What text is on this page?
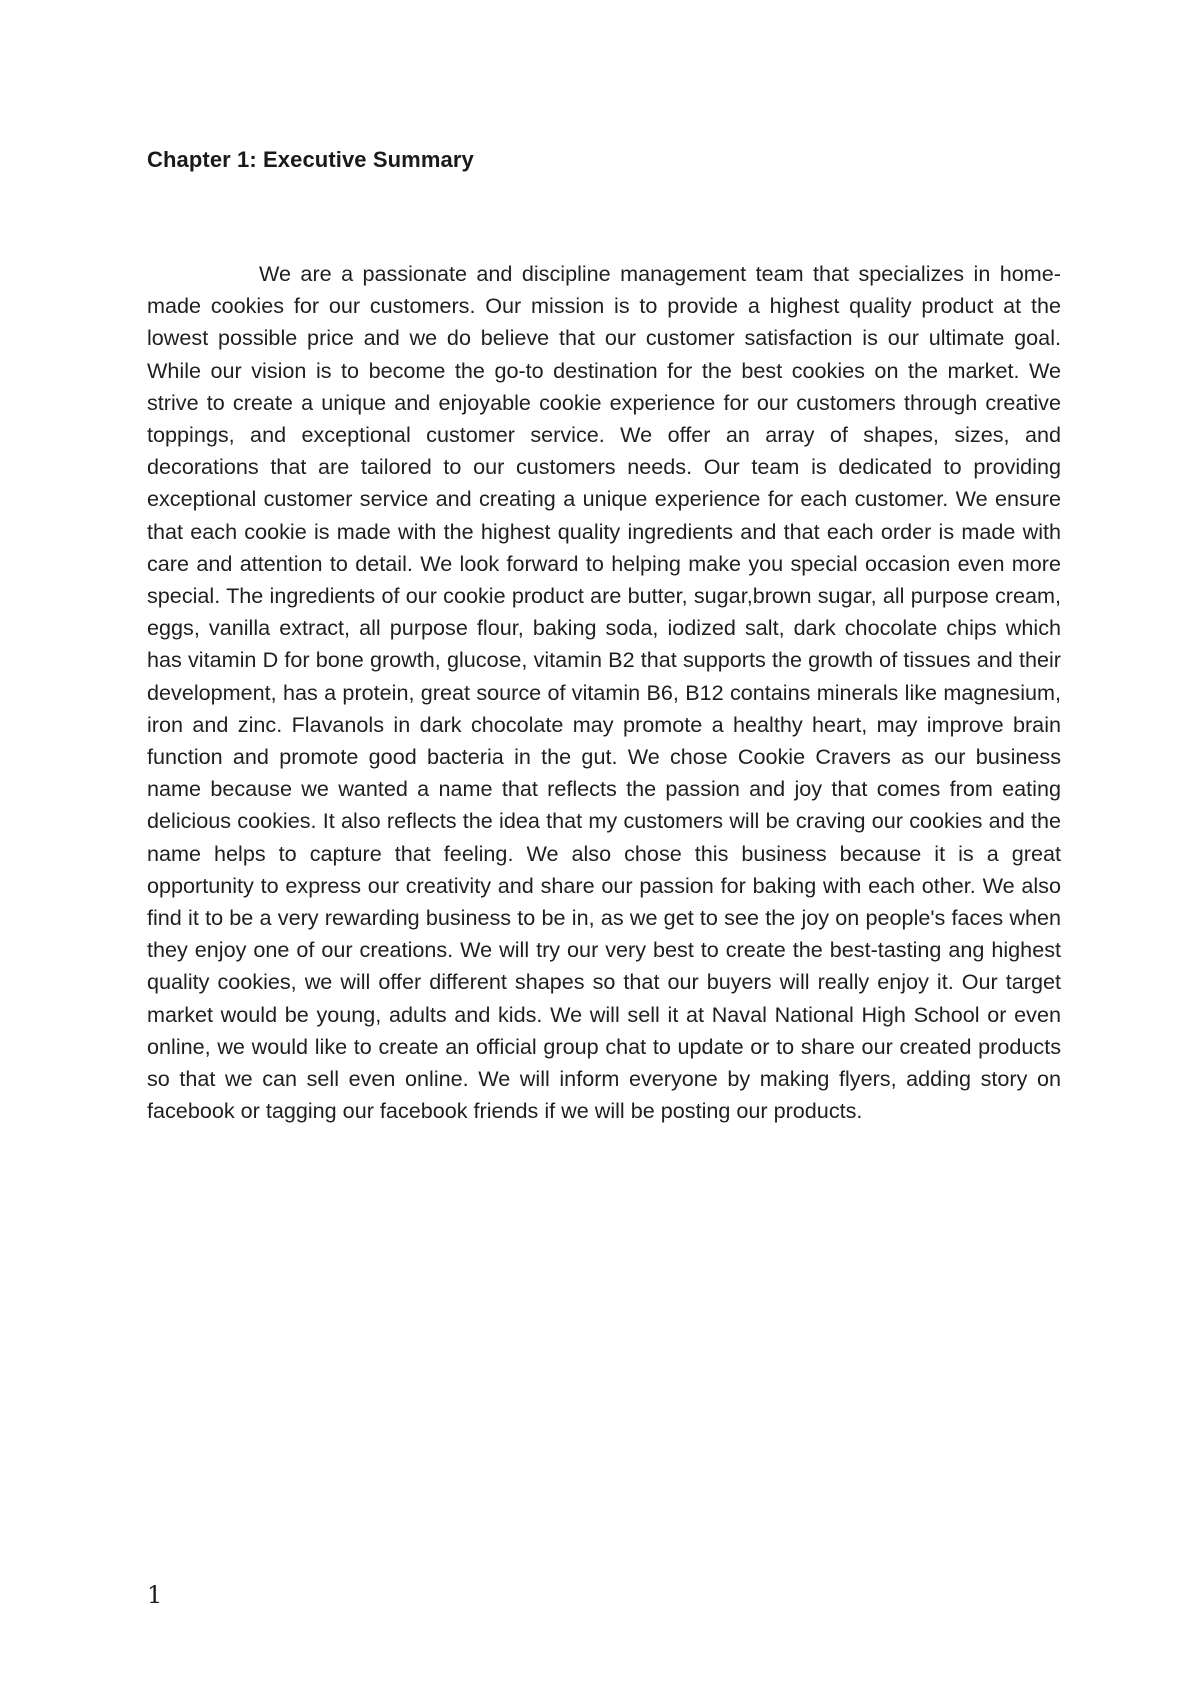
Chapter 1: Executive Summary

We are a passionate and discipline management team that specializes in home-made cookies for our customers. Our mission is to provide a highest quality product at the lowest possible price and we do believe that our customer satisfaction is our ultimate goal. While our vision is to become the go-to destination for the best cookies on the market. We strive to create a unique and enjoyable cookie experience for our customers through creative toppings, and exceptional customer service. We offer an array of shapes, sizes, and decorations that are tailored to our customers needs. Our team is dedicated to providing exceptional customer service and creating a unique experience for each customer. We ensure that each cookie is made with the highest quality ingredients and that each order is made with care and attention to detail. We look forward to helping make you special occasion even more special. The ingredients of our cookie product are butter, sugar,brown sugar, all purpose cream, eggs, vanilla extract, all purpose flour, baking soda, iodized salt, dark chocolate chips which has vitamin D for bone growth, glucose, vitamin B2 that supports the growth of tissues and their development, has a protein, great source of vitamin B6, B12 contains minerals like magnesium, iron and zinc. Flavanols in dark chocolate may promote a healthy heart, may improve brain function and promote good bacteria in the gut. We chose Cookie Cravers as our business name because we wanted a name that reflects the passion and joy that comes from eating delicious cookies. It also reflects the idea that my customers will be craving our cookies and the name helps to capture that feeling. We also chose this business because it is a great opportunity to express our creativity and share our passion for baking with each other. We also find it to be a very rewarding business to be in, as we get to see the joy on people's faces when they enjoy one of our creations. We will try our very best to create the best-tasting ang highest quality cookies, we will offer different shapes so that our buyers will really enjoy it. Our target market would be young, adults and kids. We will sell it at Naval National High School or even online, we would like to create an official group chat to update or to share our created products so that we can sell even online. We will inform everyone by making flyers, adding story on facebook or tagging our facebook friends if we will be posting our products.

1
